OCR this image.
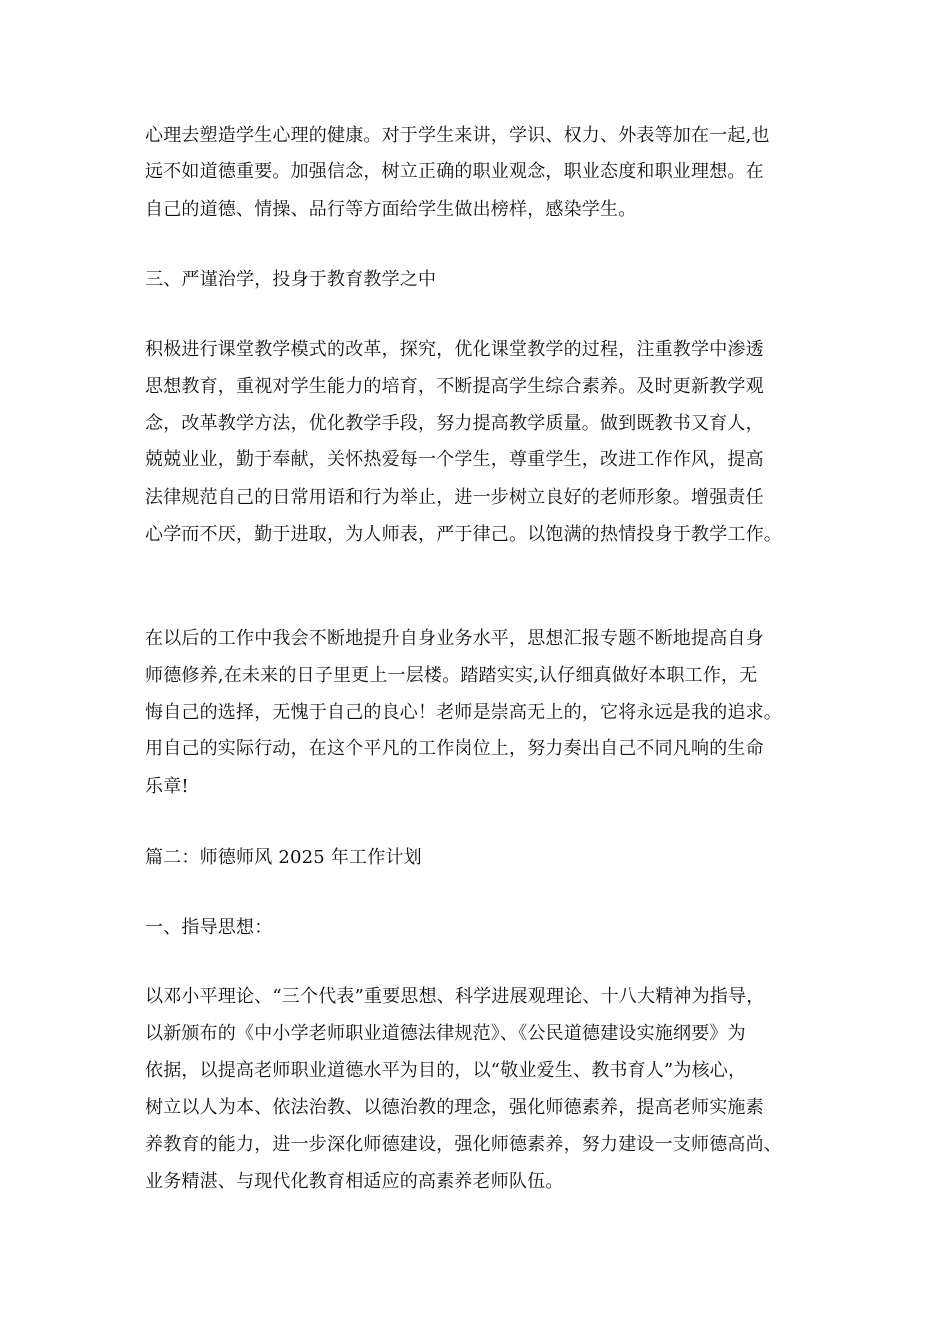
心理去塑造学生心理的健康。对于学生来讲，学识、权力、外表等加在一起,也
远不如道德重要。加强信念，树立正确的职业观念，职业态度和职业理想。在
自己的道德、情操、品行等方面给学生做出榜样，感染学生。
三、严谨治学，投身于教育教学之中
积极进行课堂教学模式的改革，探究，优化课堂教学的过程，注重教学中渗透
思想教育，重视对学生能力的培育，不断提高学生综合素养。及时更新教学观
念，改革教学方法，优化教学手段，努力提高教学质量。做到既教书又育人，
兢兢业业，勤于奉献，关怀热爱每一个学生，尊重学生，改进工作作风，提高
法律规范自己的日常用语和行为举止，进一步树立良好的老师形象。增强责任
心学而不厌，勤于进取，为人师表，严于律己。以饱满的热情投身于教学工作。
在以后的工作中我会不断地提升自身业务水平，思想汇报专题不断地提高自身
师德修养,在未来的日子里更上一层楼。踏踏实实,认仔细真做好本职工作，无
悔自己的选择，无愧于自己的良心！老师是崇高无上的，它将永远是我的追求。
用自己的实际行动，在这个平凡的工作岗位上，努力奏出自己不同凡响的生命
乐章!
篇二：师德师风 2025 年工作计划
一、指导思想：
以邓小平理论、“三个代表”重要思想、科学进展观理论、十八大精神为指导，
以新颁布的《中小学老师职业道德法律规范》、《公民道德建设实施纲要》为
依据，以提高老师职业道德水平为目的，以“敬业爱生、教书育人”为核心，
树立以人为本、依法治教、以德治教的理念，强化师德素养，提高老师实施素
养教育的能力，进一步深化师德建设，强化师德素养，努力建设一支师德高尚、
业务精湛、与现代化教育相适应的高素养老师队伍。
